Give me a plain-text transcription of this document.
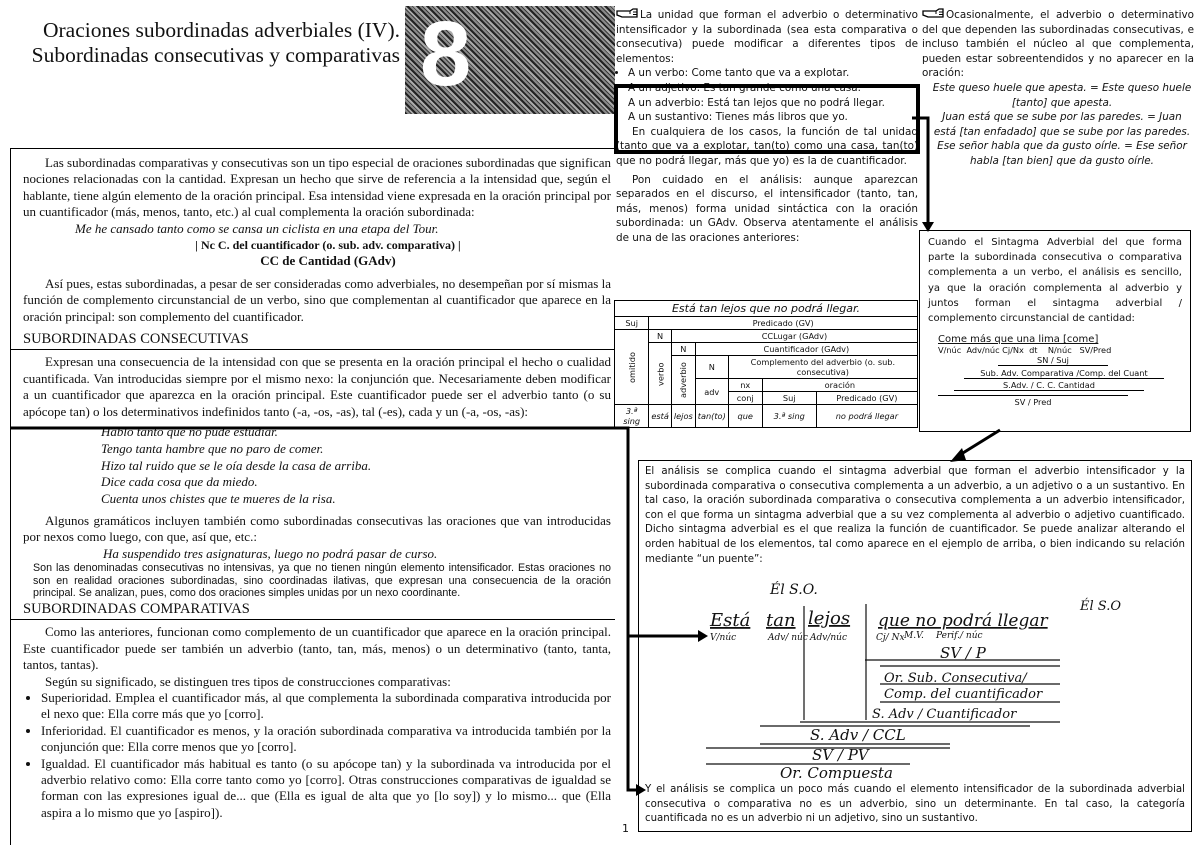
Oraciones subordinadas adverbiales (IV).
Subordinadas consecutivas y comparativas 8

Las subordinadas comparativas y consecutivas son un tipo especial de oraciones subordinadas que significan nociones relacionadas con la cantidad. Expresan un hecho que sirve de referencia a la intensidad que, según el hablante, tiene algún elemento de la oración principal. Esa intensidad viene expresada en la oración principal por un cuantificador (más, menos, tanto, etc.) al cual complementa la oración subordinada:

Me he cansado tanto como se cansa un ciclista en una etapa del Tour.

| Nc C. del cuantificador (o. sub. adv. comparativa) |

CC de Cantidad (GAdv)

Así pues, estas subordinadas, a pesar de ser consideradas como adverbiales, no desempeñan por sí mismas la función de complemento circunstancial de un verbo, sino que complementan al cuantificador que aparece en la oración principal: son complemento del cuantificador.

SUBORDINADAS CONSECUTIVAS

Expresan una consecuencia de la intensidad con que se presenta en la oración principal el hecho o cualidad cuantificada. Van introducidas siempre por el mismo nexo: la conjunción que. Necesariamente deben modificar a un cuantificador que aparezca en la oración principal. Este cuantificador puede ser el adverbio tanto (o su apócope tan) o los determinativos indefinidos tanto (-a, -os, -as), tal (-es), cada y un (-a, -os, -as):

Habló tanto que no pude estudiar.
Tengo tanta hambre que no paro de comer.
Hizo tal ruido que se le oía desde la casa de arriba.
Dice cada cosa que da miedo.
Cuenta unos chistes que te mueres de la risa.

Algunos gramáticos incluyen también como subordinadas consecutivas las oraciones que van introducidas por nexos como luego, con que, así que, etc.:

Ha suspendido tres asignaturas, luego no podrá pasar de curso.

Son las denominadas consecutivas no intensivas, ya que no tienen ningún elemento intensificador. Estas oraciones no son en realidad oraciones subordinadas, sino coordinadas ilativas, que expresan una consecuencia de la oración principal. Se analizan, pues, como dos oraciones simples unidas por un nexo coordinante.

SUBORDINADAS COMPARATIVAS

Como las anteriores, funcionan como complemento de un cuantificador que aparece en la oración principal. Este cuantificador puede ser también un adverbio (tanto, tan, más, menos) o un determinativo (tanto, tanta, tantos, tantas).

Según su significado, se distinguen tres tipos de construcciones comparativas:

• Superioridad. Emplea el cuantificador más, al que complementa la subordinada comparativa introducida por el nexo que: Ella corre más que yo [corro].
• Inferioridad. El cuantificador es menos, y la oración subordinada comparativa va introducida también por la conjunción que: Ella corre menos que yo [corro].
• Igualdad. El cuantificador más habitual es tanto (o su apócope tan) y la subordinada va introducida por el adverbio relativo como: Ella corre tanto como yo [corro]. Otras construcciones comparativas de igualdad se forman con las expresiones igual de... que (Ella es igual de alta que yo [lo soy]) y lo mismo... que (Ella aspira a lo mismo que yo [aspiro]).

La unidad que forman el adverbio o determinativo intensificador y la subordinada (sea esta comparativa o consecutiva) puede modificar a diferentes tipos de elementos:

• A un verbo: Come tanto que va a explotar.
• A un adjetivo: Es tan grande como una casa.
• A un adverbio: Está tan lejos que no podrá llegar.
• A un sustantivo: Tienes más libros que yo.

En cualquiera de los casos, la función de tal unidad (tanto que va a explotar, tan(to) como una casa, tan(to) que no podrá llegar, más que yo) es la de cuantificador.

Pon cuidado en el análisis: aunque aparezcan separados en el discurso, el intensificador (tanto, tan, más, menos) forma unidad sintáctica con la oración subordinada: un GAdv. Observa atentamente el análisis de una de las oraciones anteriores:

Está tan lejos que no podrá llegar.						
Suj	Predicado (GV)					
omitido	N	CCLugar (GAdv)				
	verbo	N	Cuantificador (GAdv)			
		adverbio	N	Complemento del adverbio (o. sub. consecutiva)		
			adv	nx	oración	
				conj	Suj	Predicado (GV)
3.ª sing	está	lejos	tan(to)	que	3.ª sing	no podrá llegar

Ocasionalmente, el adverbio o determinativo del que dependen las subordinadas consecutivas, e incluso también el núcleo al que complementa, pueden estar sobreentendidos y no aparecer en la oración:

Este queso huele que apesta. = Este queso huele [tanto] que apesta.

Juan está que se sube por las paredes. = Juan está [tan enfadado] que se sube por las paredes.

Ese señor habla que da gusto oírle. = Ese señor habla [tan bien] que da gusto oírle.

Cuando el Sintagma Adverbial del que forma parte la subordinada consecutiva o comparativa complementa a un verbo, el análisis es sencillo, ya que la oración complementa al adverbio y juntos forman el sintagma adverbial / complemento circunstancial de cantidad:

Come más que una lima [come]
V/núc  Adv/núc Cj/Nx  dt    N/núc   SV/Pred
SN / Suj
Sub. Adv. Comparativa /Comp. del Cuant
S.Adv. / C. C. Cantidad
SV / Pred

El análisis se complica cuando el sintagma adverbial que forman el adverbio intensificador y la subordinada comparativa o consecutiva complementa a un adverbio, a un adjetivo o a un sustantivo. En tal caso, la oración subordinada comparativa o consecutiva complementa a un adverbio intensificador, con el que forma un sintagma adverbial que a su vez complementa al adverbio o adjetivo cuantificado. Dicho sintagma adverbial es el que realiza la función de cuantificador. Se puede analizar alterando el orden habitual de los elementos, tal como aparece en el ejemplo de arriba, o bien indicando su relación mediante “un puente”:

Y el análisis se complica un poco más cuando el elemento intensificador de la subordinada adverbial consecutiva o comparativa no es un adverbio, sino un determinante. En tal caso, la categoría cuantificada no es un adverbio ni un adjetivo, sino un sustantivo.

Él S.O.
Él S.O
Está tan lejos que no podrá llegar
V/núc	Adv/ núc Adv/núc	Cj/ Nx M.V. Perif./ núc
SV / P
Or. Sub. Consecutiva/
Comp. del cuantificador
S. Adv / Cuantificador
S. Adv / CCL
SV / PV
Or. Compuesta
1
